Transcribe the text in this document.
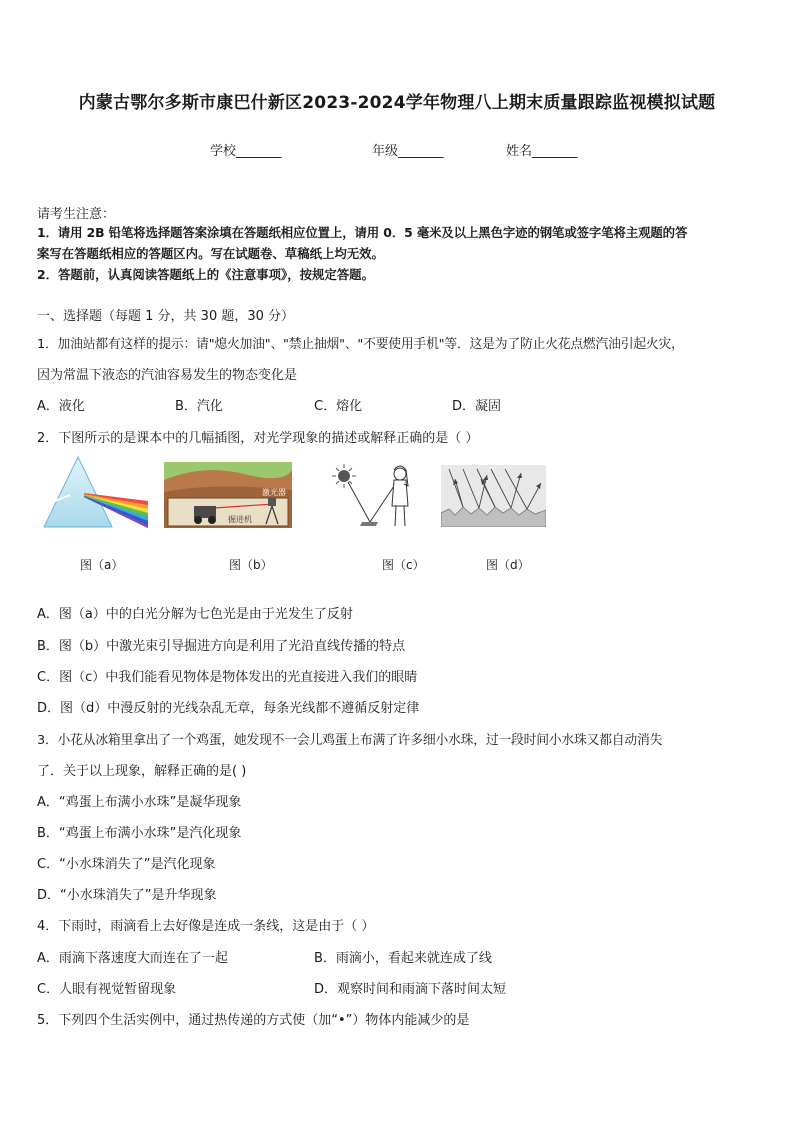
内蒙古鄂尔多斯市康巴什新区2023-2024学年物理八上期末质量跟踪监视模拟试题
学校_______	年级_______	姓名_______
请考生注意：
1．请用 2B 铅笔将选择题答案涂填在答题纸相应位置上，请用 0．5 毫米及以上黑色字迹的钢笔或签字笔将主观题的答
案写在答题纸相应的答题区内。写在试题卷、草稿纸上均无效。
2．答题前，认真阅读答题纸上的《注意事项》，按规定答题。
一、选择题（每题 1 分，共 30 题，30 分）
1．加油站都有这样的提示：请"熄火加油"、"禁止抽烟"、"不要使用手机"等．这是为了防止火花点燃汽油引起火灾，
因为常温下液态的汽油容易发生的物态变化是
A．液化	B．汽化	C．熔化	D．凝固
2．下图所示的是课本中的几幅插图，对光学现象的描述或解释正确的是（ ）
激光器
掘进机
图（a）	图（b）	图（c）	图（d）
A．图（a）中的白光分解为七色光是由于光发生了反射
B．图（b）中激光束引导掘进方向是利用了光沿直线传播的特点
C．图（c）中我们能看见物体是物体发出的光直接进入我们的眼睛
D．图（d）中漫反射的光线杂乱无章，每条光线都不遵循反射定律
3．小花从冰箱里拿出了一个鸡蛋，她发现不一会儿鸡蛋上布满了许多细小水珠，过一段时间小水珠又都自动消失
了．关于以上现象，解释正确的是( )
A．“鸡蛋上布满小水珠”是凝华现象
B．“鸡蛋上布满小水珠”是汽化现象
C．“小水珠消失了”是汽化现象
D．“小水珠消失了”是升华现象
4．下雨时，雨滴看上去好像是连成一条线，这是由于（ ）
A．雨滴下落速度大而连在了一起	B．雨滴小，看起来就连成了线
C．人眼有视觉暂留现象	D．观察时间和雨滴下落时间太短
5．下列四个生活实例中，通过热传递的方式使（加“•”）物体内能减少的是
